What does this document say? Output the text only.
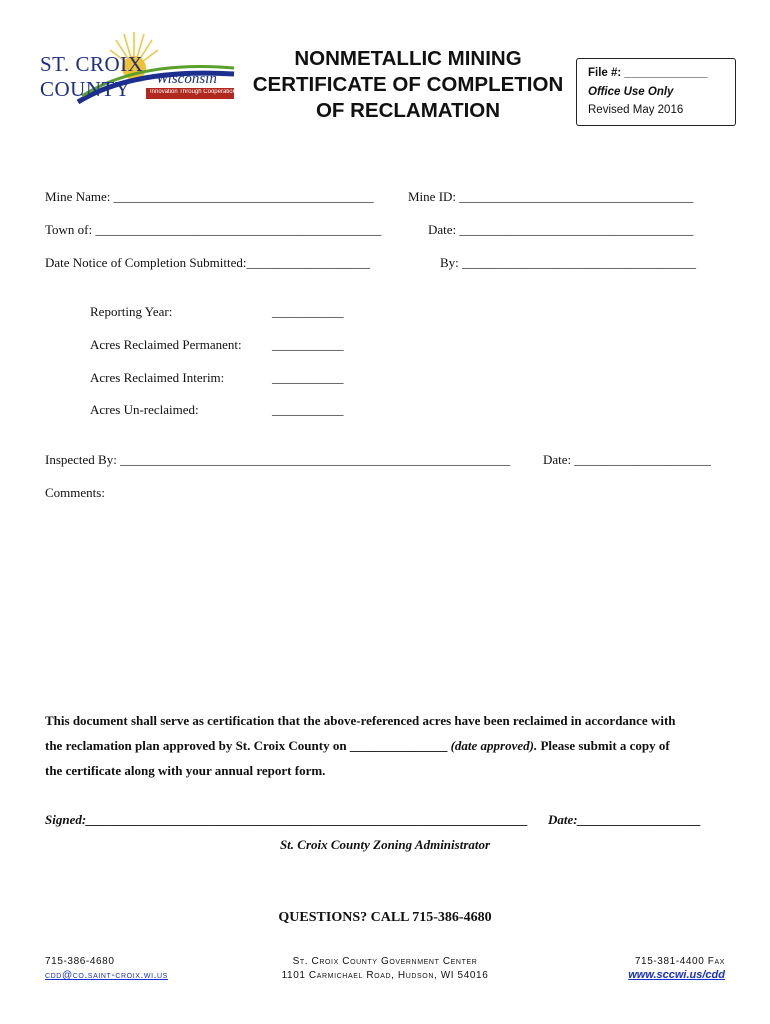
ST. CROIX COUNTY	Wisconsin
Innovation Through Cooperation
NONMETALLIC MINING
CERTIFICATE OF COMPLETION
OF RECLAMATION
File #: _____________
Office Use Only
Revised May 2016
Mine Name: ________________________________________	Mine ID: ____________________________________
Town of: ____________________________________________	Date: ____________________________________
Date Notice of Completion Submitted:___________________	By: ____________________________________
Reporting Year:	___________
Acres Reclaimed Permanent: ___________
Acres Reclaimed Interim:	___________
Acres Un-reclaimed:	___________
Inspected By: ____________________________________________________________	Date: _____________________
Comments:
This document shall serve as certification that the above-referenced acres have been reclaimed in accordance with
the reclamation plan approved by St. Croix County on _______________ (date approved). Please submit a copy of
the certificate along with your annual report form.
Signed:____________________________________________________________________ Date:___________________
St. Croix County Zoning Administrator
QUESTIONS? CALL 715-386-4680
715-386-4680
cdd@co.saint-croix.wi.us
St. Croix County Government Center
1101 Carmichael Road, Hudson, WI 54016
715-381-4400 Fax
www.sccwi.us/cdd
